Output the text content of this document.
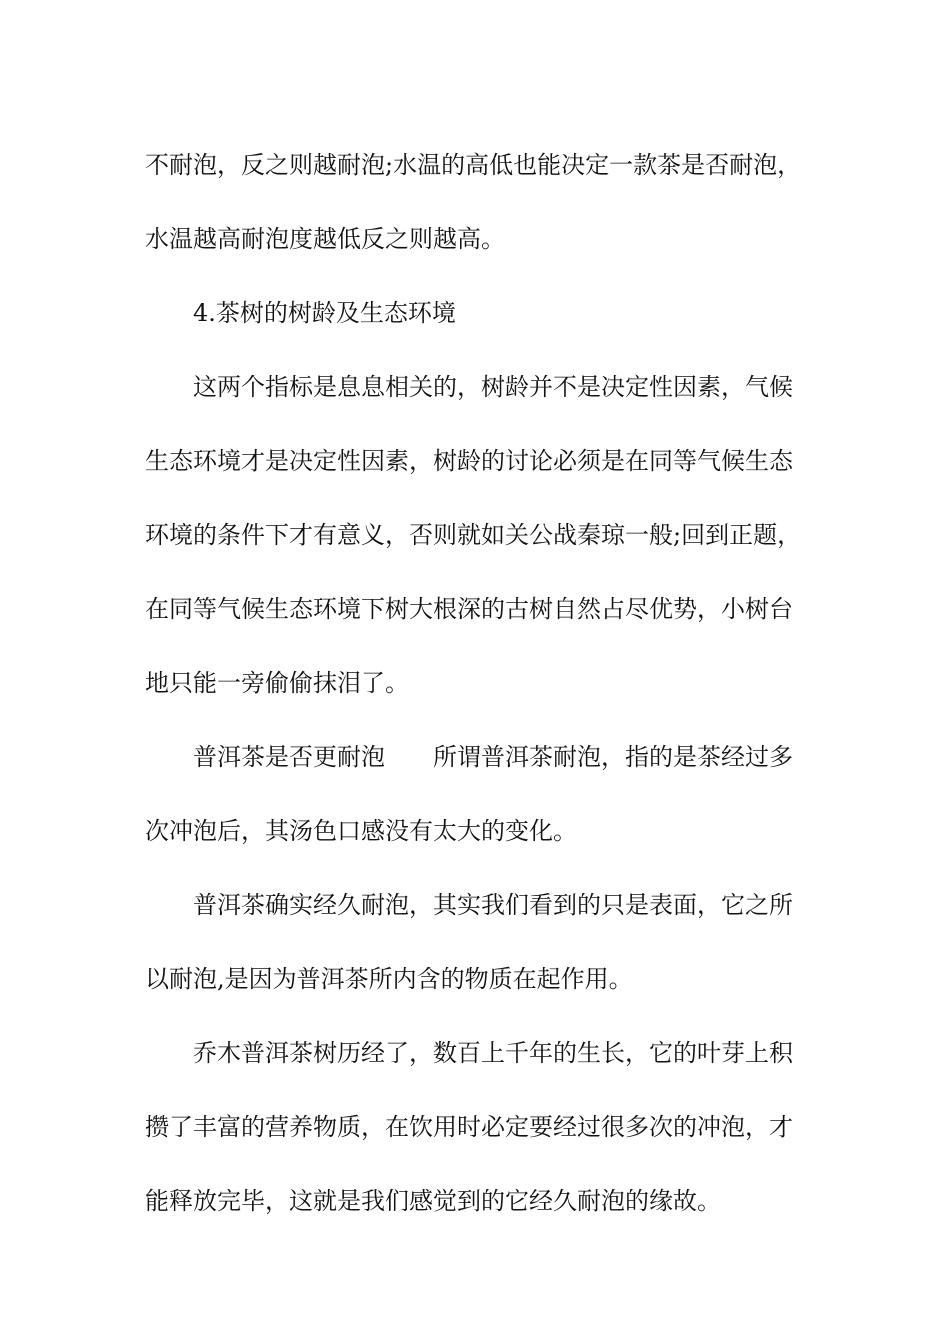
不耐泡，反之则越耐泡;水温的高低也能决定一款茶是否耐泡，

水温越高耐泡度越低反之则越高。

4.茶树的树龄及生态环境

这两个指标是息息相关的，树龄并不是决定性因素，气候

生态环境才是决定性因素，树龄的讨论必须是在同等气候生态

环境的条件下才有意义，否则就如关公战秦琼一般;回到正题，

在同等气候生态环境下树大根深的古树自然占尽优势，小树台

地只能一旁偷偷抹泪了。

普洱茶是否更耐泡　　所谓普洱茶耐泡，指的是茶经过多

次冲泡后，其汤色口感没有太大的变化。

普洱茶确实经久耐泡，其实我们看到的只是表面，它之所

以耐泡,是因为普洱茶所内含的物质在起作用。

乔木普洱茶树历经了，数百上千年的生长，它的叶芽上积

攒了丰富的营养物质，在饮用时必定要经过很多次的冲泡，才

能释放完毕，这就是我们感觉到的它经久耐泡的缘故。
